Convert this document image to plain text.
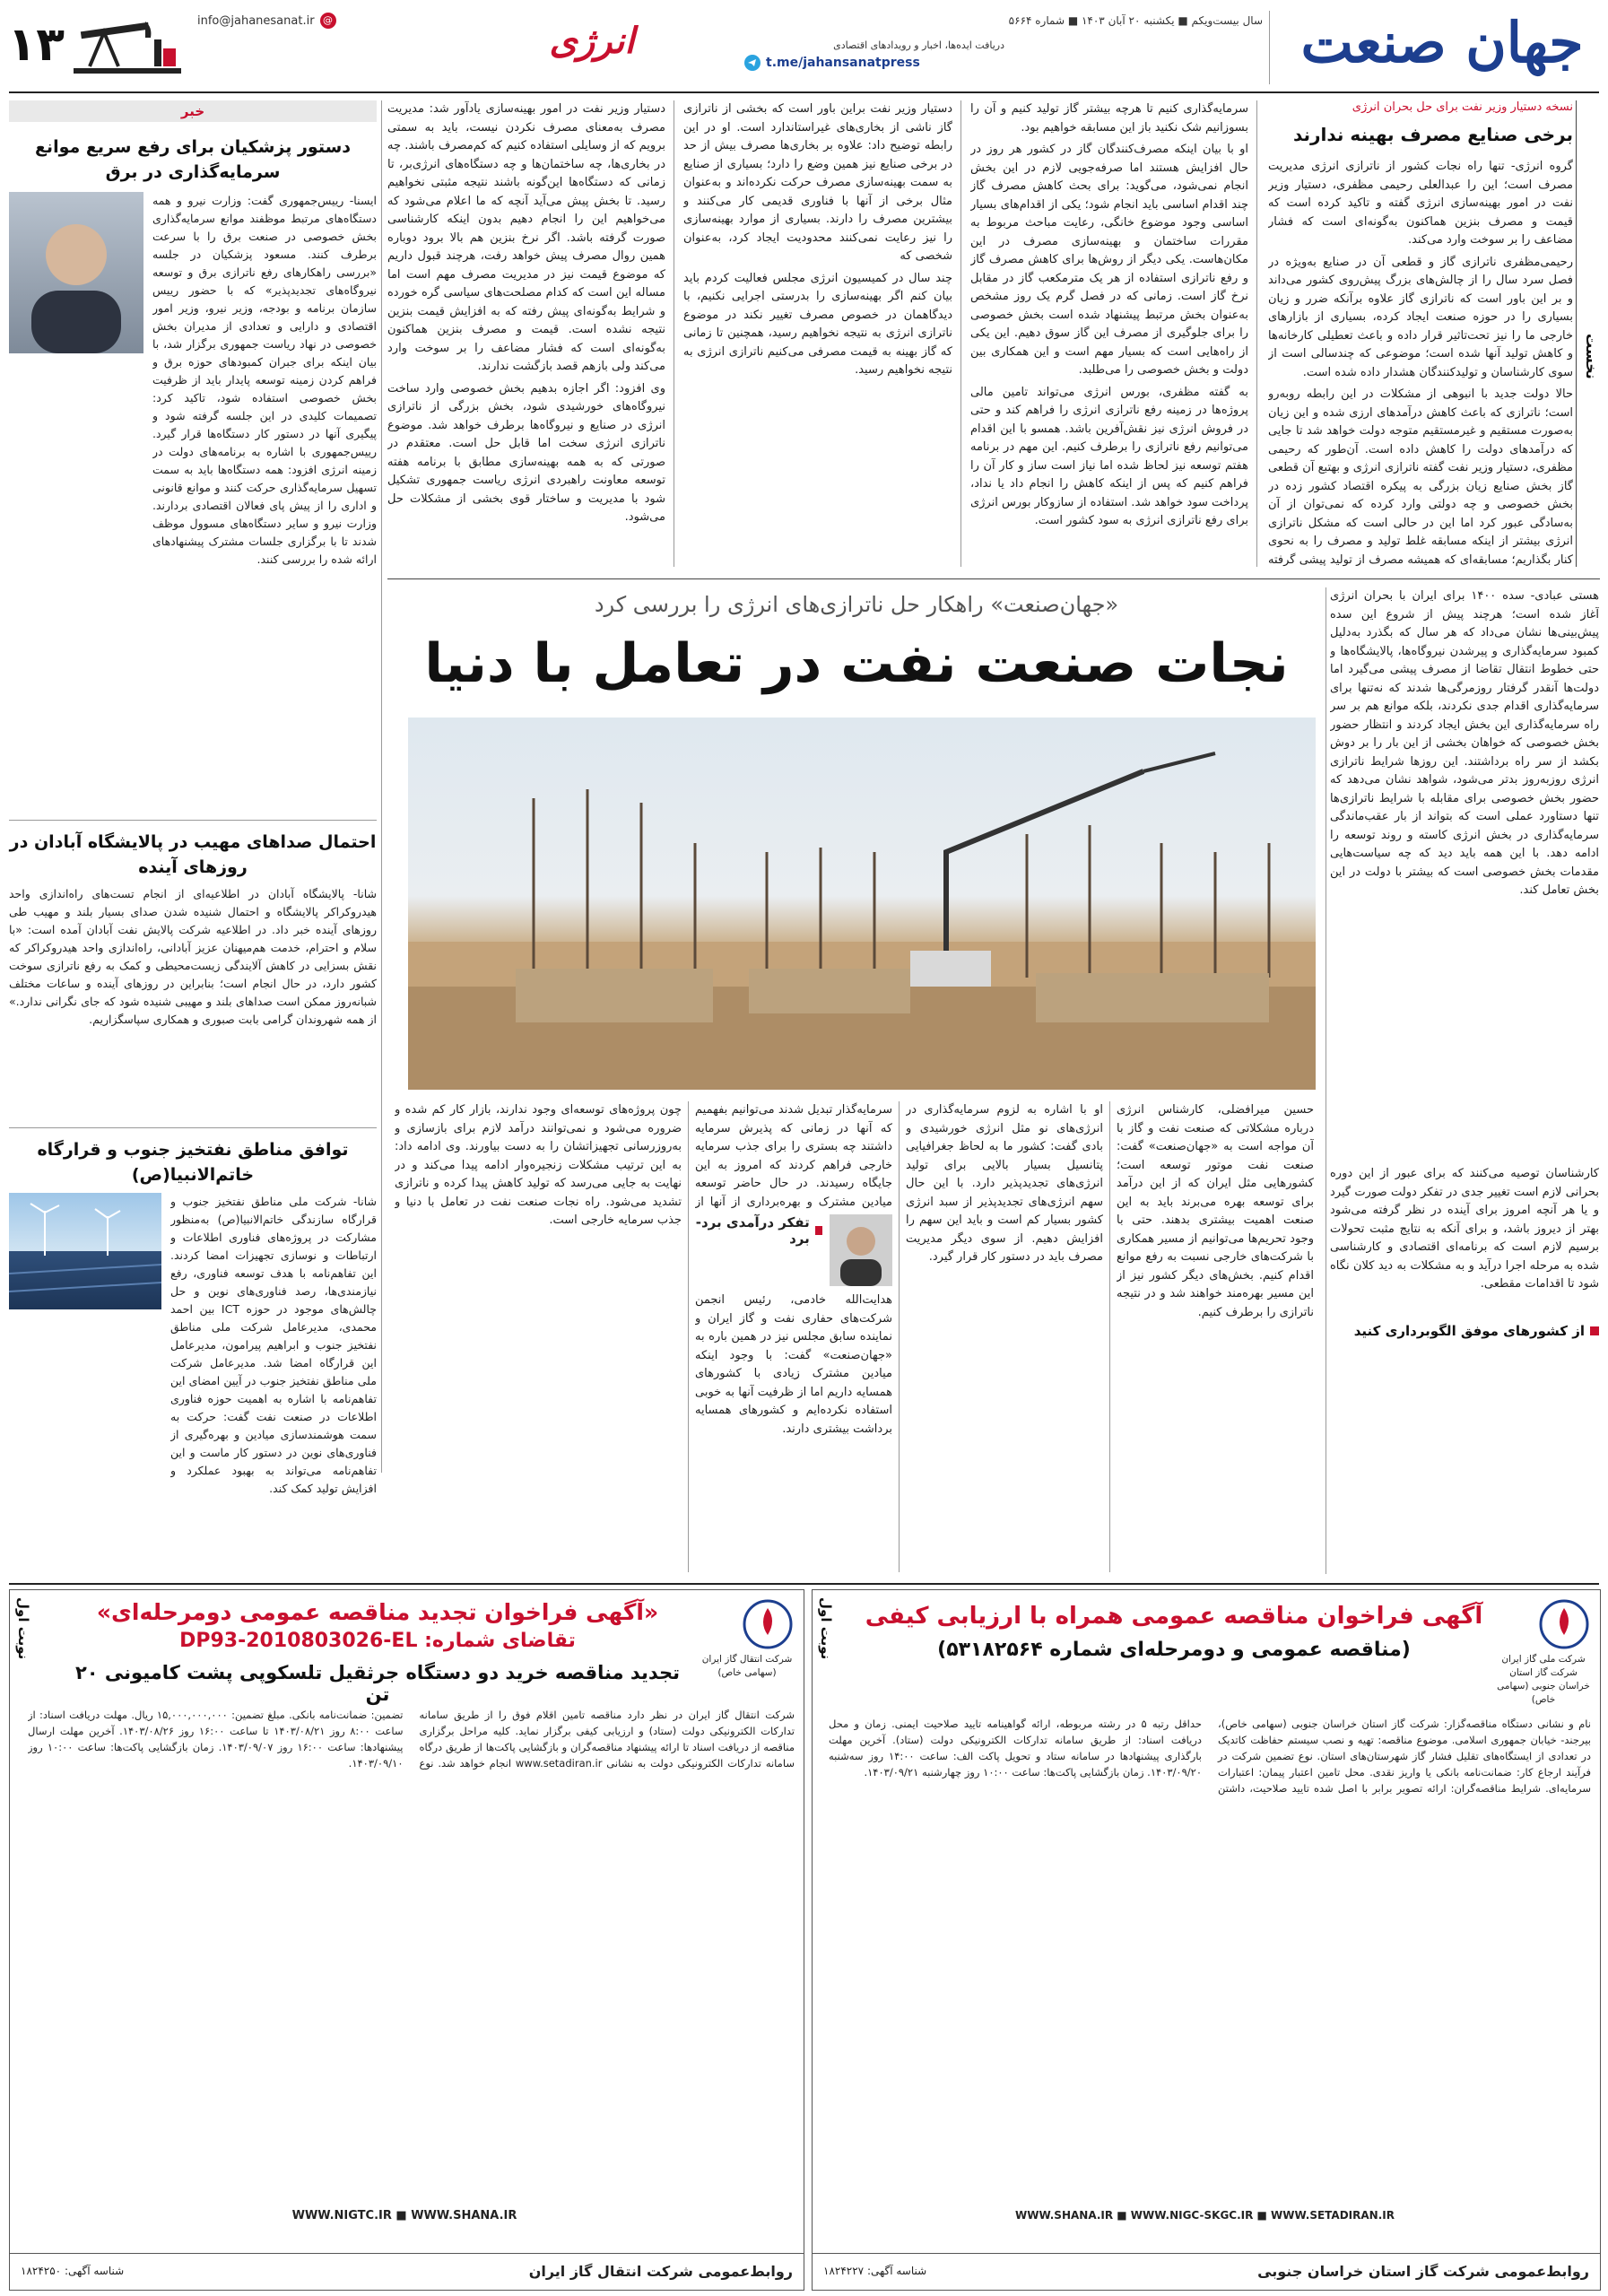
جهان صنعت
سال بیست‌ویکم ■ یکشنبه ۲۰ آبان ۱۴۰۳ ■ شماره ۵۶۶۴
دریافت ایده‌ها، اخبار و رویدادهای اقتصادی
t.me/jahansanatpress
انرژی
info@jahanesanat.ir @
۱۳
خبر
دستور پزشکیان برای رفع سریع موانع سرمایه‌گذاری در برق
ایسنا- رییس‌جمهوری گفت: وزارت نیرو و همه دستگاه‌های مرتبط موظفند موانع سرمایه‌گذاری بخش خصوصی در صنعت برق را با سرعت برطرف کنند. مسعود پزشکیان در جلسه «بررسی راهکارهای رفع ناترازی برق و توسعه نیروگاه‌های تجدیدپذیر» که با حضور رییس سازمان برنامه و بودجه، وزیر نیرو، وزیر امور اقتصادی و دارایی و تعدادی از مدیران بخش خصوصی در نهاد ریاست جمهوری برگزار شد، با بیان اینکه برای جبران کمبودهای حوزه برق و فراهم کردن زمینه توسعه پایدار باید از ظرفیت بخش خصوصی استفاده شود، تاکید کرد: تصمیمات کلیدی در این جلسه گرفته شود و پیگیری آنها در دستور کار دستگاه‌ها قرار گیرد. رییس‌جمهوری با اشاره به برنامه‌های دولت در زمینه انرژی افزود: همه دستگاه‌ها باید به سمت تسهیل سرمایه‌گذاری حرکت کنند و موانع قانونی و اداری را از پیش پای فعالان اقتصادی بردارند. وزارت نیرو و سایر دستگاه‌های مسوول موظف شدند تا با برگزاری جلسات مشترک پیشنهادهای ارائه شده را بررسی کنند.
احتمال صداهای مهیب در پالایشگاه آبادان در روزهای آینده
شانا- پالایشگاه آبادان در اطلاعیه‌ای از انجام تست‌های راه‌اندازی واحد هیدروکراکر پالایشگاه و احتمال شنیده شدن صدای بسیار بلند و مهیب طی روزهای آینده خبر داد. در اطلاعیه شرکت پالایش نفت آبادان آمده است: «با سلام و احترام، خدمت هم‌میهنان عزیز آبادانی، راه‌اندازی واحد هیدروکراکر که نقش بسزایی در کاهش آلایندگی زیست‌محیطی و کمک به رفع ناترازی سوخت کشور دارد، در حال انجام است؛ بنابراین در روزهای آینده و ساعات مختلف شبانه‌روز ممکن است صداهای بلند و مهیبی شنیده شود که جای نگرانی ندارد.» از همه شهروندان گرامی بابت صبوری و همکاری سپاسگزاریم.
توافق مناطق نفتخیز جنوب و قرارگاه خاتم‌الانبیا(ص)
شانا- شرکت ملی مناطق نفتخیز جنوب و قرارگاه سازندگی خاتم‌الانبیا(ص) به‌منظور مشارکت در پروژه‌های فناوری اطلاعات و ارتباطات و نوسازی تجهیزات امضا کردند. این تفاهم‌نامه با هدف توسعه فناوری، رفع نیازمندی‌ها، رصد فناوری‌های نوین و حل چالش‌های موجود در حوزه ICT بین احمد محمدی، مدیرعامل شرکت ملی مناطق نفتخیز جنوب و ابراهیم پیرامون، مدیرعامل این قرارگاه امضا شد. مدیرعامل شرکت ملی مناطق نفتخیز جنوب در آیین امضای این تفاهم‌نامه با اشاره به اهمیت حوزه فناوری اطلاعات در صنعت نفت گفت: حرکت به سمت هوشمندسازی میادین و بهره‌گیری از فناوری‌های نوین در دستور کار ماست و این تفاهم‌نامه می‌تواند به بهبود عملکرد و افزایش تولید کمک کند.
نسخه دستیار وزیر نفت برای حل بحران انرژی
برخی صنایع مصرف بهینه ندارند
نخست

گروه انرژی- تنها راه نجات کشور از ناترازی انرژی مدیریت مصرف است؛ این را عبدالعلی رحیمی مظفری، دستیار وزیر نفت در امور بهینه‌سازی انرژی گفته و تاکید کرده است که قیمت و مصرف بنزین هماکنون به‌گونه‌ای است که فشار مضاعف را بر سوخت وارد می‌کند.

رحیمی‌مظفری ناترازی گاز و قطعی آن در صنایع به‌ویژه در فصل سرد سال را از چالش‌های بزرگ پیش‌روی کشور می‌داند و بر این باور است که ناترازی گاز علاوه برآنکه ضرر و زیان بسیاری را در حوزه صنعت ایجاد کرده، بسیاری از بازارهای خارجی ما را نیز تحت‌تاثیر قرار داده و باعث تعطیلی کارخانه‌ها و کاهش تولید آنها شده است؛ موضوعی که چندسالی است از سوی کارشناسان و تولیدکنندگان هشدار داده شده است.

حالا دولت جدید با انبوهی از مشکلات در این رابطه روبه‌رو است؛ ناترازی که باعث کاهش درآمدهای ارزی شده و این زیان به‌صورت مستقیم و غیرمستقیم متوجه دولت خواهد شد تا جایی که درآمدهای دولت را کاهش داده است. آن‌طور که رحیمی مظفری، دستیار وزیر نفت گفته ناترازی انرژی و بهتبع آن قطعی گاز بخش صنایع زیان بزرگی به پیکره اقتصاد کشور زده در بخش خصوصی و چه دولتی وارد کرده که نمی‌توان از آن به‌سادگی عبور کرد اما این در حالی است که مشکل ناترازی انرژی بیشتر از اینکه مسابقه غلط تولید و مصرف را به نحوی کنار بگذاریم؛ مسابقه‌ای که همیشه مصرف از تولید پیشی گرفته

سرمایه‌گذاری کنیم تا هرچه بیشتر گاز تولید کنیم و آن را بسوزانیم شک نکنید باز این مسابقه خواهیم بود.

او با بیان اینکه مصرف‌کنندگان گاز در کشور هر روز در حال افزایش هستند اما صرفه‌جویی لازم در این بخش انجام نمی‌شود، می‌گوید: برای بحث کاهش مصرف گاز چند اقدام اساسی باید انجام شود؛ یکی از اقدام‌های بسیار اساسی وجود موضوع خانگی، رعایت مباحث مربوط به مقررات ساختمان و بهینه‌سازی مصرف در این مکان‌هاست. یکی دیگر از روش‌ها برای کاهش مصرف گاز و رفع ناترازی استفاده از هر یک مترمکعب گاز در مقابل نرخ گاز است. زمانی که در فصل گرم یک روز مشخص به‌عنوان بخش مرتبط پیشنهاد شده است بخش خصوصی را برای جلوگیری از مصرف این گاز سوق دهیم. این یکی از راه‌هایی است که بسیار مهم است و این همکاری بین دولت و بخش خصوصی را می‌طلبد.

به گفته مظفری، بورس انرژی می‌تواند تامین مالی پروژه‌ها در زمینه رفع ناترازی انرژی را فراهم کند و حتی در فروش انرژی نیز نقش‌آفرین باشد. همسو با این اقدام می‌توانیم رفع ناترازی را برطرف کنیم. این مهم در برنامه هفتم توسعه نیز لحاظ شده اما نیاز است ساز و کار آن را فراهم کنیم که پس از اینکه کاهش را انجام داد یا نداد، پرداخت سود خواهد شد. استفاده از سازوکار بورس انرژی برای رفع ناترازی انرژی به سود کشور است.

دستیار وزیر نفت براین باور است که بخشی از ناترازی گاز ناشی از بخاری‌های غیراستاندارد است. او در این رابطه توضیح داد: علاوه بر بخاری‌ها مصرف بیش از حد در برخی صنایع نیز همین وضع را دارد؛ بسیاری از صنایع به سمت بهینه‌سازی مصرف حرکت نکرده‌اند و به‌عنوان مثال برخی از آنها با فناوری قدیمی کار می‌کنند و بیشترین مصرف را دارند. بسیاری از موارد بهینه‌سازی را نیز رعایت نمی‌کنند محدودیت ایجاد کرد، به‌عنوان شخصی که

چند سال در کمیسیون انرژی مجلس فعالیت کردم باید بیان کنم اگر بهینه‌سازی را بدرستی اجرایی نکنیم، با دیدگاهمان در خصوص مصرف تغییر نکند در موضوع ناترازی انرژی به نتیجه نخواهیم رسید، همچنین تا زمانی که گاز بهینه به قیمت مصرفی می‌کنیم ناترازی انرژی به نتیجه نخواهیم رسید.

دستیار وزیر نفت در امور بهینه‌سازی یادآور شد: مدیریت مصرف به‌معنای مصرف نکردن نیست، باید به سمتی برویم که از وسایلی استفاده کنیم که کم‌مصرف باشند. چه در بخاری‌ها، چه ساختمان‌ها و چه دستگاه‌های انرژی‌بر، تا زمانی که دستگاه‌ها این‌گونه باشند نتیجه مثبتی نخواهیم رسید. تا بخش پیش می‌آید آنچه که ما اعلام می‌شود که می‌خواهیم این را انجام دهیم بدون اینکه کارشناسی صورت گرفته باشد. اگر نرخ بنزین هم بالا برود دوباره همین روال مصرف پیش خواهد رفت، هرچند قبول داریم که موضوع قیمت نیز در مدیریت مصرف مهم است اما مساله این است که کدام مصلحت‌های سیاسی گره خورده و شرایط به‌گونه‌ای پیش رفته که به افزایش قیمت بنزین نتیجه نشده است. قیمت و مصرف بنزین هماکنون به‌گونه‌ای است که فشار مضاعف را بر سوخت وارد می‌کند ولی بازهم قصد بازگشت ندارند.

وی افزود: اگر اجازه بدهیم بخش خصوصی وارد ساخت نیروگاه‌های خورشیدی شود، بخش بزرگی از ناترازی انرژی در صنایع و نیروگاه‌ها برطرف خواهد شد. موضوع ناترازی انرژی سخت اما قابل حل است. معتقدم در صورتی که به همه بهینه‌سازی مطابق با برنامه هفته توسعه معاونت راهبردی انرژی ریاست جمهوری تشکیل شود با مدیریت و ساختار قوی بخشی از مشکلات حل می‌شود.

هستی عبادی- سده ۱۴۰۰ برای ایران با بحران انرژی آغاز شده است؛ هرچند پیش از شروع این سده پیش‌بینی‌ها نشان می‌داد که هر سال که بگذرد به‌دلیل کمبود سرمایه‌گذاری و پیرشدن نیروگاه‌ها، پالایشگاه‌ها و حتی خطوط انتقال تقاضا از مصرف پیشی می‌گیرد اما دولت‌ها آنقدر گرفتار روزمرگی‌ها شدند که نه‌تنها برای سرمایه‌گذاری اقدام جدی نکردند، بلکه موانع هم بر سر راه سرمایه‌گذاری این بخش ایجاد کردند و انتظار حضور بخش خصوصی که خواهان بخشی از این بار را بر دوش بکشد از سر راه برداشتند. این روزها شرایط ناترازی انرژی روزبه‌روز بدتر می‌شود، شواهد نشان می‌دهد که حضور بخش خصوصی برای مقابله با شرایط ناترازی‌ها تنها دستاورد عملی است که بتواند از بار عقب‌ماندگی سرمایه‌گذاری در بخش انرژی کاسته و روند توسعه را ادامه دهد. با این همه باید دید که چه سیاست‌هایی مقدمات بخش خصوصی است که بیشتر با دولت در این بخش تعامل کند.
کارشناسان توصیه می‌کنند که برای عبور از این دوره بحرانی لازم است تغییر جدی در تفکر دولت صورت گیرد و یا هر آنچه امروز برای آینده در نظر گرفته می‌شود بهتر از دیروز باشد، و برای آنکه به نتایج مثبت تحولات برسیم لازم است که برنامه‌ای اقتصادی و کارشناسی شده به مرحله اجرا درآید و به مشکلات به دید کلان نگاه شود تا اقدامات مقطعی.
از کشورهای موفق الگوبرداری کنید
«جهان‌صنعت» راهکار حل ناترازی‌های انرژی را بررسی کرد
نجات صنعت نفت در تعامل با دنیا

حسین میرافضلی، کارشناس انرژی درباره مشکلاتی که صنعت نفت و گاز با آن مواجه است به «جهان‌صنعت» گفت: صنعت نفت موتور توسعه است؛ کشورهایی مثل ایران که از این درآمد برای توسعه بهره می‌برند باید به این صنعت اهمیت بیشتری بدهند. حتی با وجود تحریم‌ها می‌توانیم از مسیر همکاری با شرکت‌های خارجی نسبت به رفع موانع اقدام کنیم. بخش‌های دیگر کشور نیز از این مسیر بهره‌مند خواهند شد و در نتیجه ناترازی را برطرف کنیم.

او با اشاره به لزوم سرمایه‌گذاری در انرژی‌های نو مثل انرژی خورشیدی و بادی گفت: کشور ما به لحاظ جغرافیایی پتانسیل بسیار بالایی برای تولید انرژی‌های تجدیدپذیر دارد. با این حال سهم انرژی‌های تجدیدپذیر از سبد انرژی کشور بسیار کم است و باید این سهم را افزایش دهیم. از سوی دیگر مدیریت مصرف باید در دستور کار قرار گیرد.

سرمایه‌گذار تبدیل شدند می‌توانیم بفهمیم که آنها در زمانی که پذیرش سرمایه داشتند چه بستری را برای جذب سرمایه خارجی فراهم کردند که امروز به این جایگاه رسیدند. در حال حاضر توسعه میادین مشترک و بهره‌برداری از آنها از
تفکر درآمدی برد- برد
هدایت‌الله خادمی، رئیس انجمن شرکت‌های حفاری نفت و گاز ایران و نماینده سابق مجلس نیز در همین باره به «جهان‌صنعت» گفت: با وجود اینکه میادین مشترک زیادی با کشورهای همسایه داریم اما از ظرفیت آنها به خوبی استفاده نکرده‌ایم و کشورهای همسایه برداشت بیشتری دارند.

چون پروژه‌های توسعه‌ای وجود ندارند، بازار کار کم شده و ضروره می‌شود و نمی‌توانند درآمد لازم برای بازسازی و به‌روزرسانی تجهیزاتشان را به دست بیاورند. وی ادامه داد: به این ترتیب مشکلات زنجیره‌وار ادامه پیدا می‌کند و در نهایت به جایی می‌رسد که تولید کاهش پیدا کرده و ناترازی تشدید می‌شود. راه نجات صنعت نفت در تعامل با دنیا و جذب سرمایه خارجی است.

نوبت اول	شرکت ملی گاز ایران شرکت گاز استان خراسان جنوبی (سهامی خاص)
آگهی فراخوان مناقصه عمومی همراه با ارزیابی کیفی
(مناقصه عمومی و دومرحله‌ای شماره ۵۳۱۸۲۵۶۴)
نام و نشانی دستگاه مناقصه‌گزار: شرکت گاز استان خراسان جنوبی (سهامی خاص)، بیرجند- خیابان جمهوری اسلامی. موضوع مناقصه: تهیه و نصب سیستم حفاظت کاتدیک در تعدادی از ایستگاه‌های تقلیل فشار گاز شهرستان‌های استان. نوع تضمین شرکت در فرآیند ارجاع کار: ضمانت‌نامه بانکی یا واریز نقدی. محل تامین اعتبار پیمان: اعتبارات سرمایه‌ای. شرایط مناقصه‌گران: ارائه تصویر برابر با اصل شده تایید صلاحیت، داشتن حداقل رتبه ۵ در رشته مربوطه، ارائه گواهینامه تایید صلاحیت ایمنی. زمان و محل دریافت اسناد: از طریق سامانه تدارکات الکترونیکی دولت (ستاد). آخرین مهلت بارگذاری پیشنهادها در سامانه ستاد و تحویل پاکت الف: ساعت ۱۴:۰۰ روز سه‌شنبه ۱۴۰۳/۰۹/۲۰. زمان بازگشایی پاکت‌ها: ساعت ۱۰:۰۰ روز چهارشنبه ۱۴۰۳/۰۹/۲۱.
WWW.SHANA.IR ■ WWW.NIGC-SKGC.IR ■ WWW.SETADIRAN.IR
روابط‌عمومی شرکت گاز استان خراسان جنوبی
شناسه آگهی: ۱۸۲۴۲۲۷
نوبت اول	شرکت انتقال گاز ایران (سهامی خاص)
«آگهی فراخوان تجدید مناقصه عمومی دومرحله‌ای»
تقاضای شماره: DP93-2010803026-EL
تجدید مناقصه خرید دو دستگاه جرثقیل تلسکوپی پشت کامیونی ۲۰ تن
شرکت انتقال گاز ایران در نظر دارد مناقصه تامین اقلام فوق را از طریق سامانه تدارکات الکترونیکی دولت (ستاد) و ارزیابی کیفی برگزار نماید. کلیه مراحل برگزاری مناقصه از دریافت اسناد تا ارائه پیشنهاد مناقصه‌گران و بازگشایی پاکت‌ها از طریق درگاه سامانه تدارکات الکترونیکی دولت به نشانی www.setadiran.ir انجام خواهد شد. نوع تضمین: ضمانت‌نامه بانکی. مبلغ تضمین: ۱۵,۰۰۰,۰۰۰,۰۰۰ ریال. مهلت دریافت اسناد: از ساعت ۸:۰۰ روز ۱۴۰۳/۰۸/۲۱ تا ساعت ۱۶:۰۰ روز ۱۴۰۳/۰۸/۲۶. آخرین مهلت ارسال پیشنهادها: ساعت ۱۶:۰۰ روز ۱۴۰۳/۰۹/۰۷. زمان بازگشایی پاکت‌ها: ساعت ۱۰:۰۰ روز ۱۴۰۳/۰۹/۱۰.
WWW.NIGTC.IR ■ WWW.SHANA.IR
روابط‌عمومی شرکت انتقال گاز ایران
شناسه آگهی: ۱۸۲۴۲۵۰
